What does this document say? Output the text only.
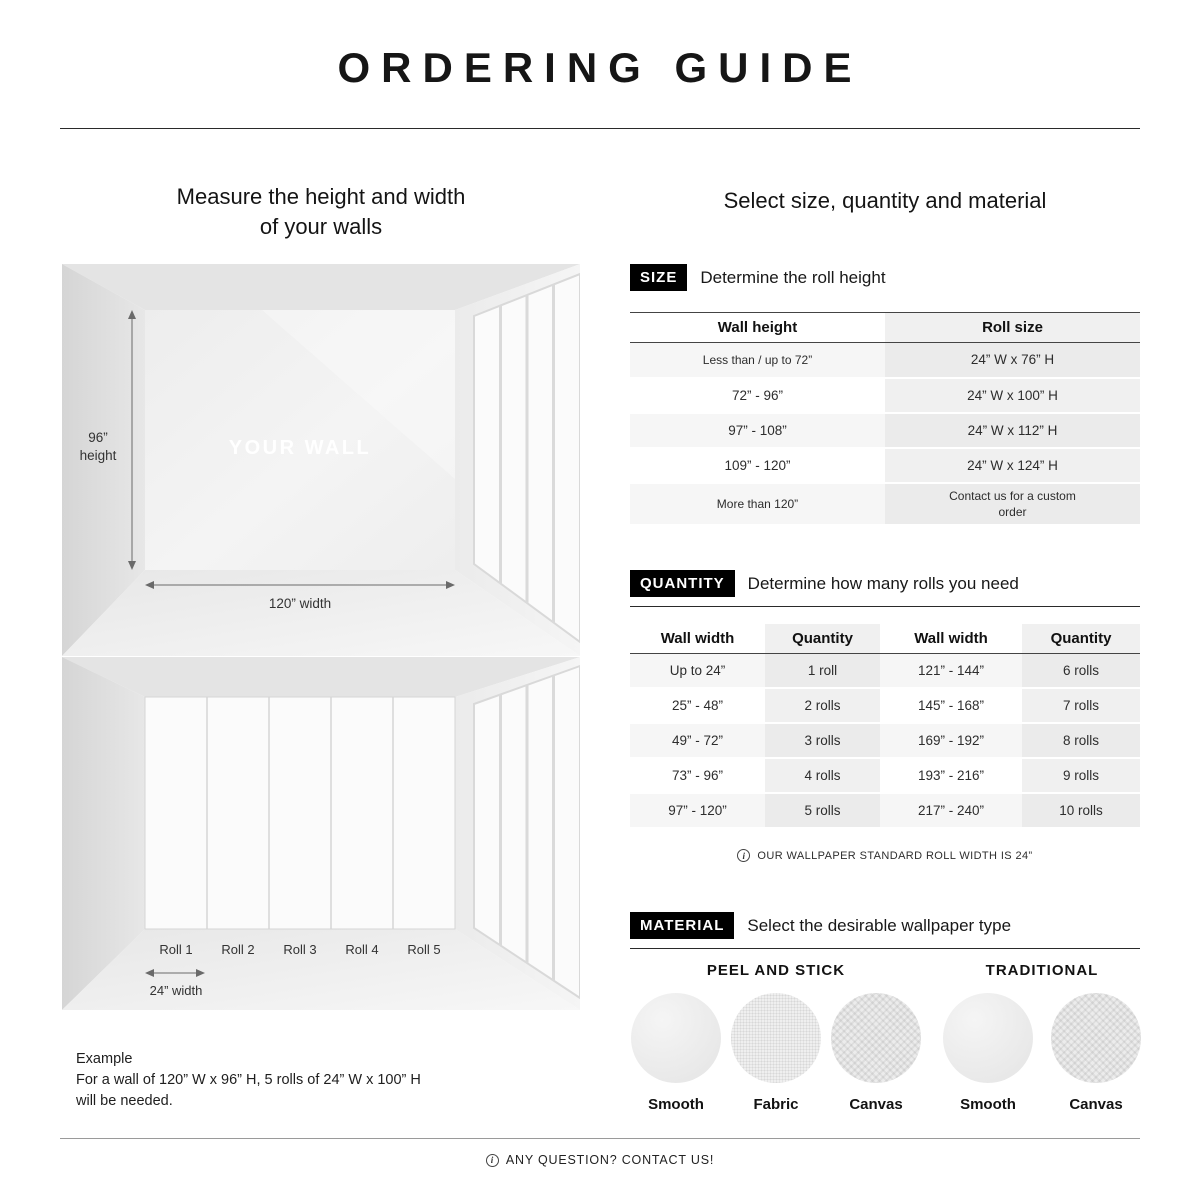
ORDERING GUIDE
Measure the height and width
of your walls
96”
height
120” width
YOUR WALL
Roll 1 Roll 2 Roll 3 Roll 4 Roll 5
24” width
Example
For a wall of 120” W x 96” H, 5 rolls of 24” W x 100” H
will be needed.
Select size, quantity and material
SIZE	Determine the roll height
Wall height	Roll size
Less than / up to 72”	24” W x 76” H
72” - 96”	24” W x 100” H
97” - 108”	24” W x 112” H
109” - 120”	24” W x 124” H
More than 120”	Contact us for a custom order
QUANTITY	Determine how many rolls you need
Wall width	Quantity	Wall width	Quantity
Up to 24”	1 roll	121” - 144”	6 rolls
25” - 48”	2 rolls	145” - 168”	7 rolls
49” - 72”	3 rolls	169” - 192”	8 rolls
73” - 96”	4 rolls	193” - 216”	9 rolls
97” - 120”	5 rolls	217” - 240”	10 rolls
i	OUR WALLPAPER STANDARD ROLL WIDTH IS 24”
MATERIAL	Select the desirable wallpaper type
PEEL AND STICK	TRADITIONAL
Smooth	Fabric	Canvas	Smooth	Canvas
i ANY QUESTION? CONTACT US!
